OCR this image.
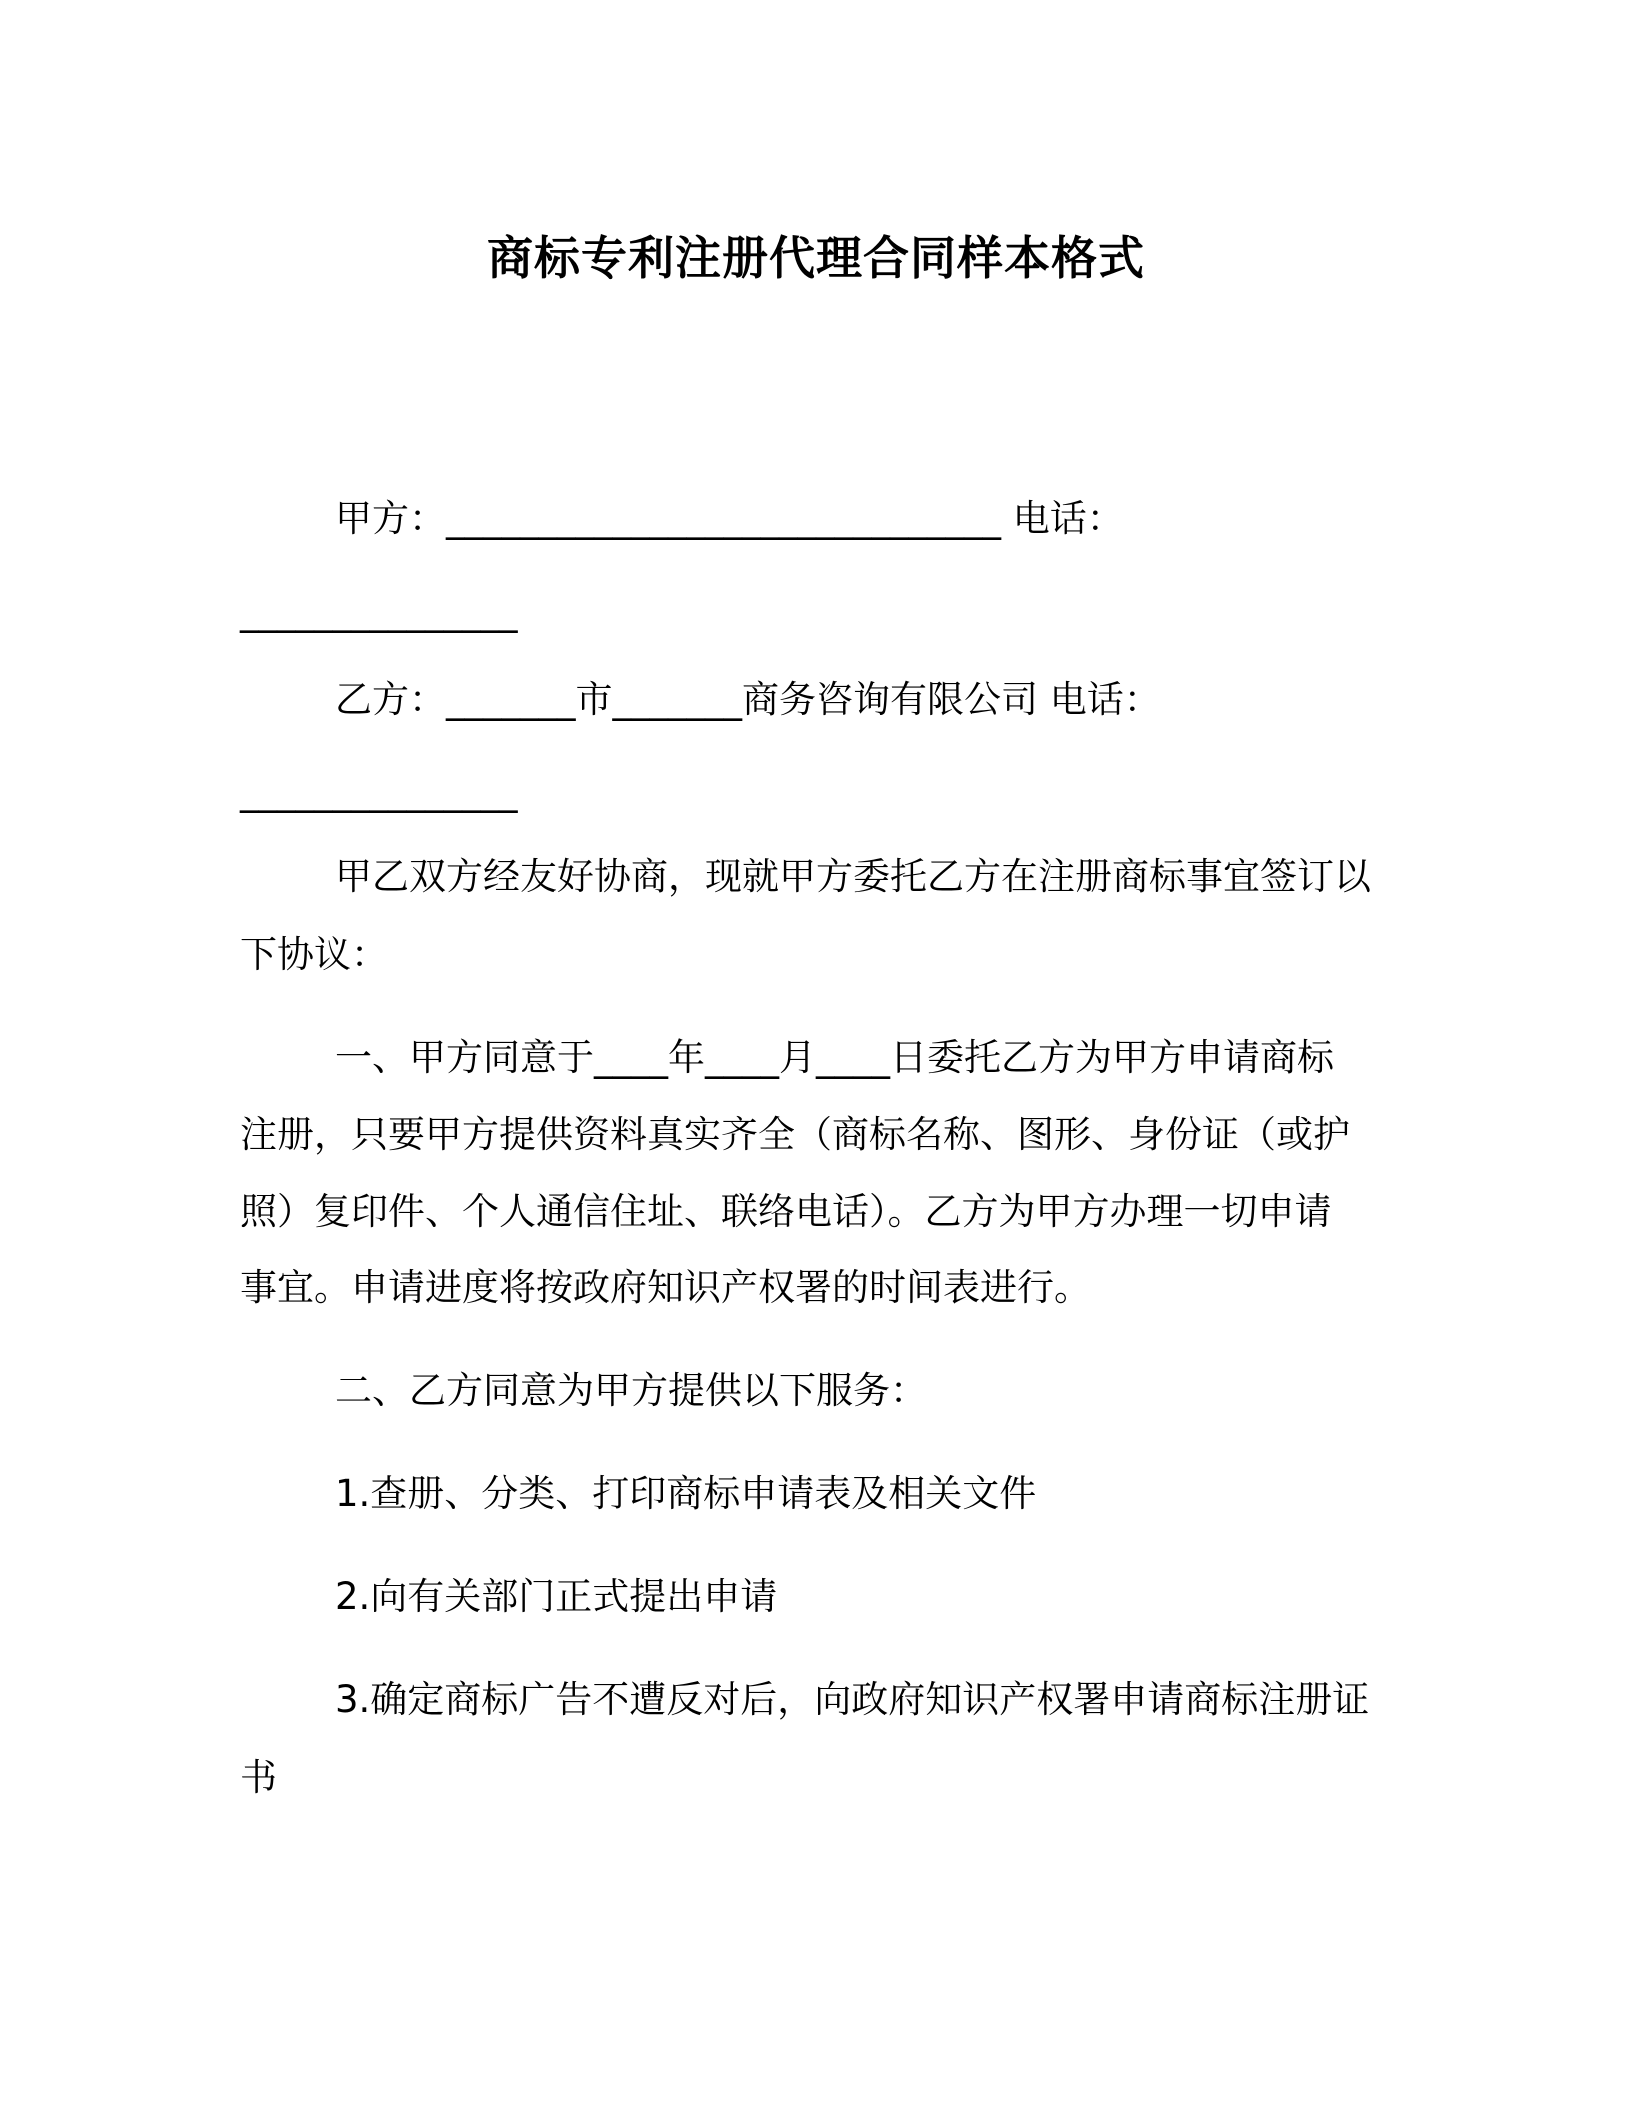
商标专利注册代理合同样本格式
甲方：______________________________ 电话：
_______________
乙方：_______市_______商务咨询有限公司 电话：
_______________
甲乙双方经友好协商，现就甲方委托乙方在注册商标事宜签订以
下协议：
一、甲方同意于____年____月____日委托乙方为甲方申请商标
注册，只要甲方提供资料真实齐全（商标名称、图形、身份证（或护
照）复印件、个人通信住址、联络电话）。乙方为甲方办理一切申请
事宜。申请进度将按政府知识产权署的时间表进行。
二、乙方同意为甲方提供以下服务：
1.查册、分类、打印商标申请表及相关文件
2.向有关部门正式提出申请
3.确定商标广告不遭反对后，向政府知识产权署申请商标注册证
书
